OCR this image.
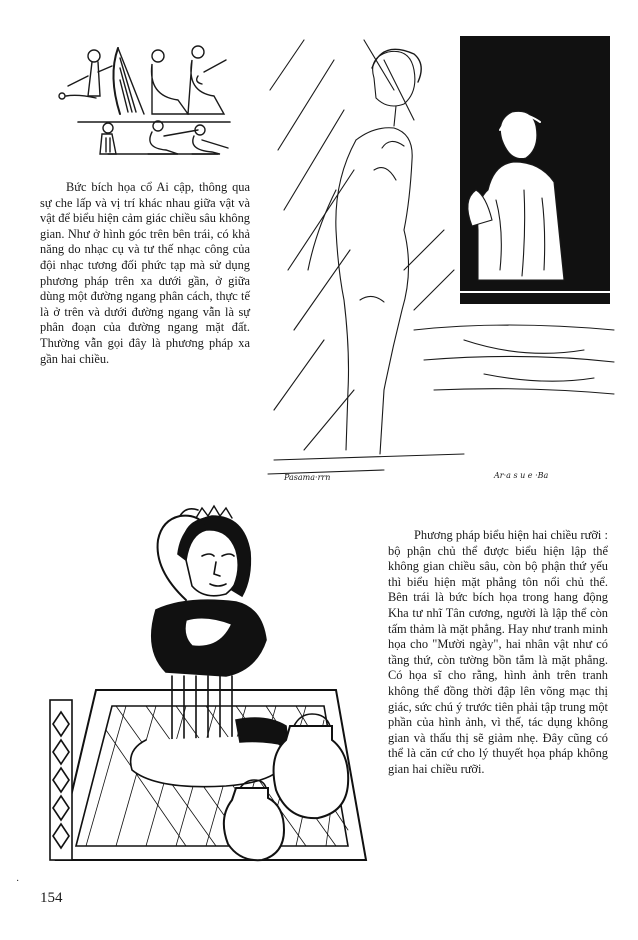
Bức bích họa cổ Ai cập, thông qua sự che lấp và vị trí khác nhau giữa vật và vật để biểu hiện cảm giác chiều sâu không gian. Như ở hình góc trên bên trái, có khả năng do nhạc cụ và tư thế nhạc công của đội nhạc tương đối phức tạp mà sử dụng phương pháp trên xa dưới gần, ở giữa dùng một đường ngang phân cách, thực tế là ở trên và dưới đường ngang vẫn là sự phân đoạn của đường ngang mặt đất. Thường vẫn gọi đây là phương pháp xa gần hai chiều.

Pasama·rrn	Ar·a s u e ·Ba

Phương pháp biểu hiện hai chiều rưỡi : bộ phận chủ thể được biểu hiện lập thể không gian chiều sâu, còn bộ phận thứ yếu thì biểu hiện mặt phẳng tôn nổi chủ thể. Bên trái là bức bích họa trong hang động Kha tư nhĩ Tân cương, người là lập thể còn tấm thảm là mặt phẳng. Hay như tranh minh họa cho "Mười ngày", hai nhân vật như có tầng thứ, còn tường bồn tắm là mặt phẳng. Có họa sĩ cho rằng, hình ảnh trên tranh không thể đồng thời đập lên võng mạc thị giác, sức chú ý trước tiên phải tập trung một phần của hình ảnh, vì thế, tác dụng không gian và thấu thị sẽ giảm nhẹ. Đây cũng có thể là căn cứ cho lý thuyết họa pháp không gian hai chiều rưỡi.

·
154
